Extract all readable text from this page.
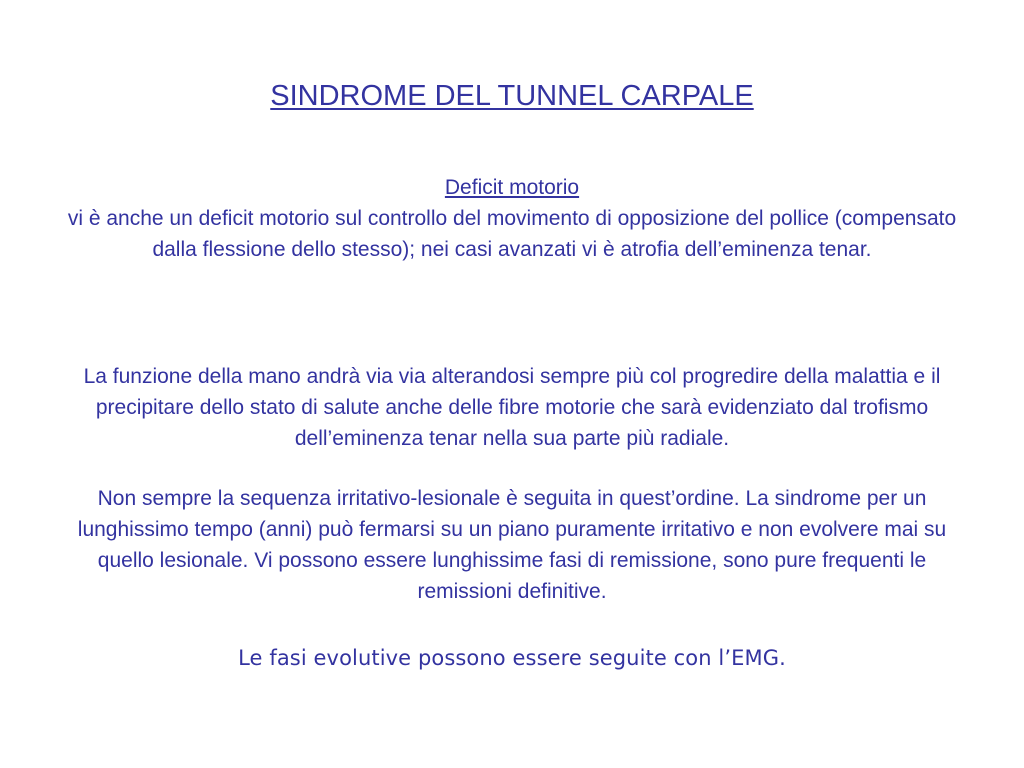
SINDROME DEL TUNNEL CARPALE

Deficit motorio
vi è anche un deficit motorio sul controllo del movimento di opposizione del pollice (compensato dalla flessione dello stesso); nei casi avanzati vi è atrofia dell’eminenza tenar.

La funzione della mano andrà via via alterandosi sempre più col progredire della malattia e il precipitare dello stato di salute anche delle fibre motorie che sarà evidenziato dal trofismo dell’eminenza tenar nella sua parte più radiale.

Non sempre la sequenza irritativo-lesionale è seguita in quest’ordine. La sindrome per un lunghissimo tempo (anni) può fermarsi su un piano puramente irritativo e non evolvere mai su quello lesionale. Vi possono essere lunghissime fasi di remissione, sono pure frequenti le remissioni definitive.

Le fasi evolutive possono essere seguite con l’EMG.
